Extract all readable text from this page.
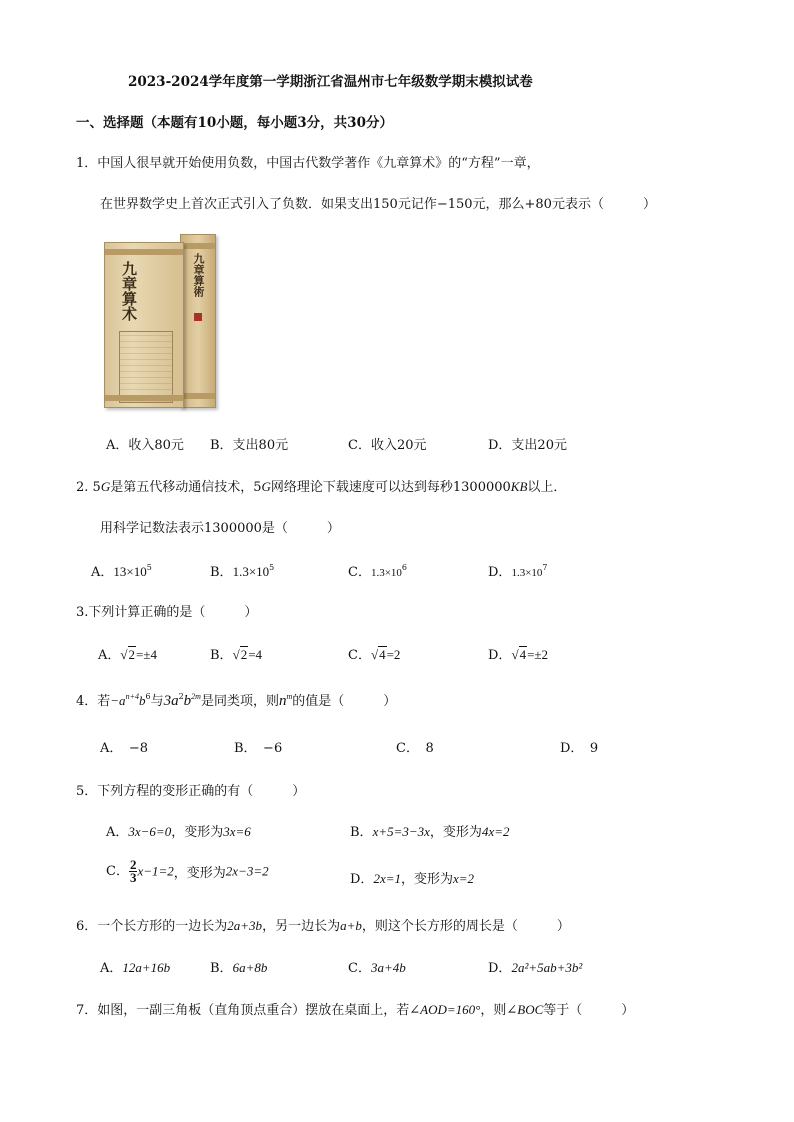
2023-2024学年度第一学期浙江省温州市七年级数学期末模拟试卷
一、选择题（本题有10小题，每小题3分，共30分）
1．中国人很早就开始使用负数，中国古代数学著作《九章算术》的“方程”一章，
在世界数学史上首次正式引入了负数．如果支出150元记作−150元，那么+80元表示（　　　）
九章算術
九章算术
A．收入80元 B．支出80元	C．收入20元	D．支出20元
2. 5G是第五代移动通信技术，5G网络理论下载速度可以达到每秒1300000KB以上．
用科学记数法表示1300000是（　　　）
A．$13\times 10^5$	B．$1.3\times 10^5$	C．$1.3\times 10^6$	D．$1.3\times 10^7$
3.下列计算正确的是（　　　）
A．√2=±4	B．√2=4	C．√4=2	D．√4=±2
4．若$-a^{n+4}b^6$与$3a^2b^{2m}$是同类项，则$n^m$的值是（　　　）
A．　−8	B．　−6	C．　8	D．　9
5．下列方程的变形正确的有（　　　）
A．3x−6=0，变形为3x=6	B．x+5=3−3x，变形为4x=2
C． $\frac{2}{3} x-1=2$，变形为2x−3=2
D．2x=1，变形为x=2
6．一个长方形的一边长为2a+3b，另一边长为a+b，则这个长方形的周长是（　　　）
A．12a+16b	B．6a+8b	C．3a+4b	D．2a²+5ab+3b²
7．如图，一副三角板（直角顶点重合）摆放在桌面上，若∠AOD=160°，则∠BOC等于（　　　）
